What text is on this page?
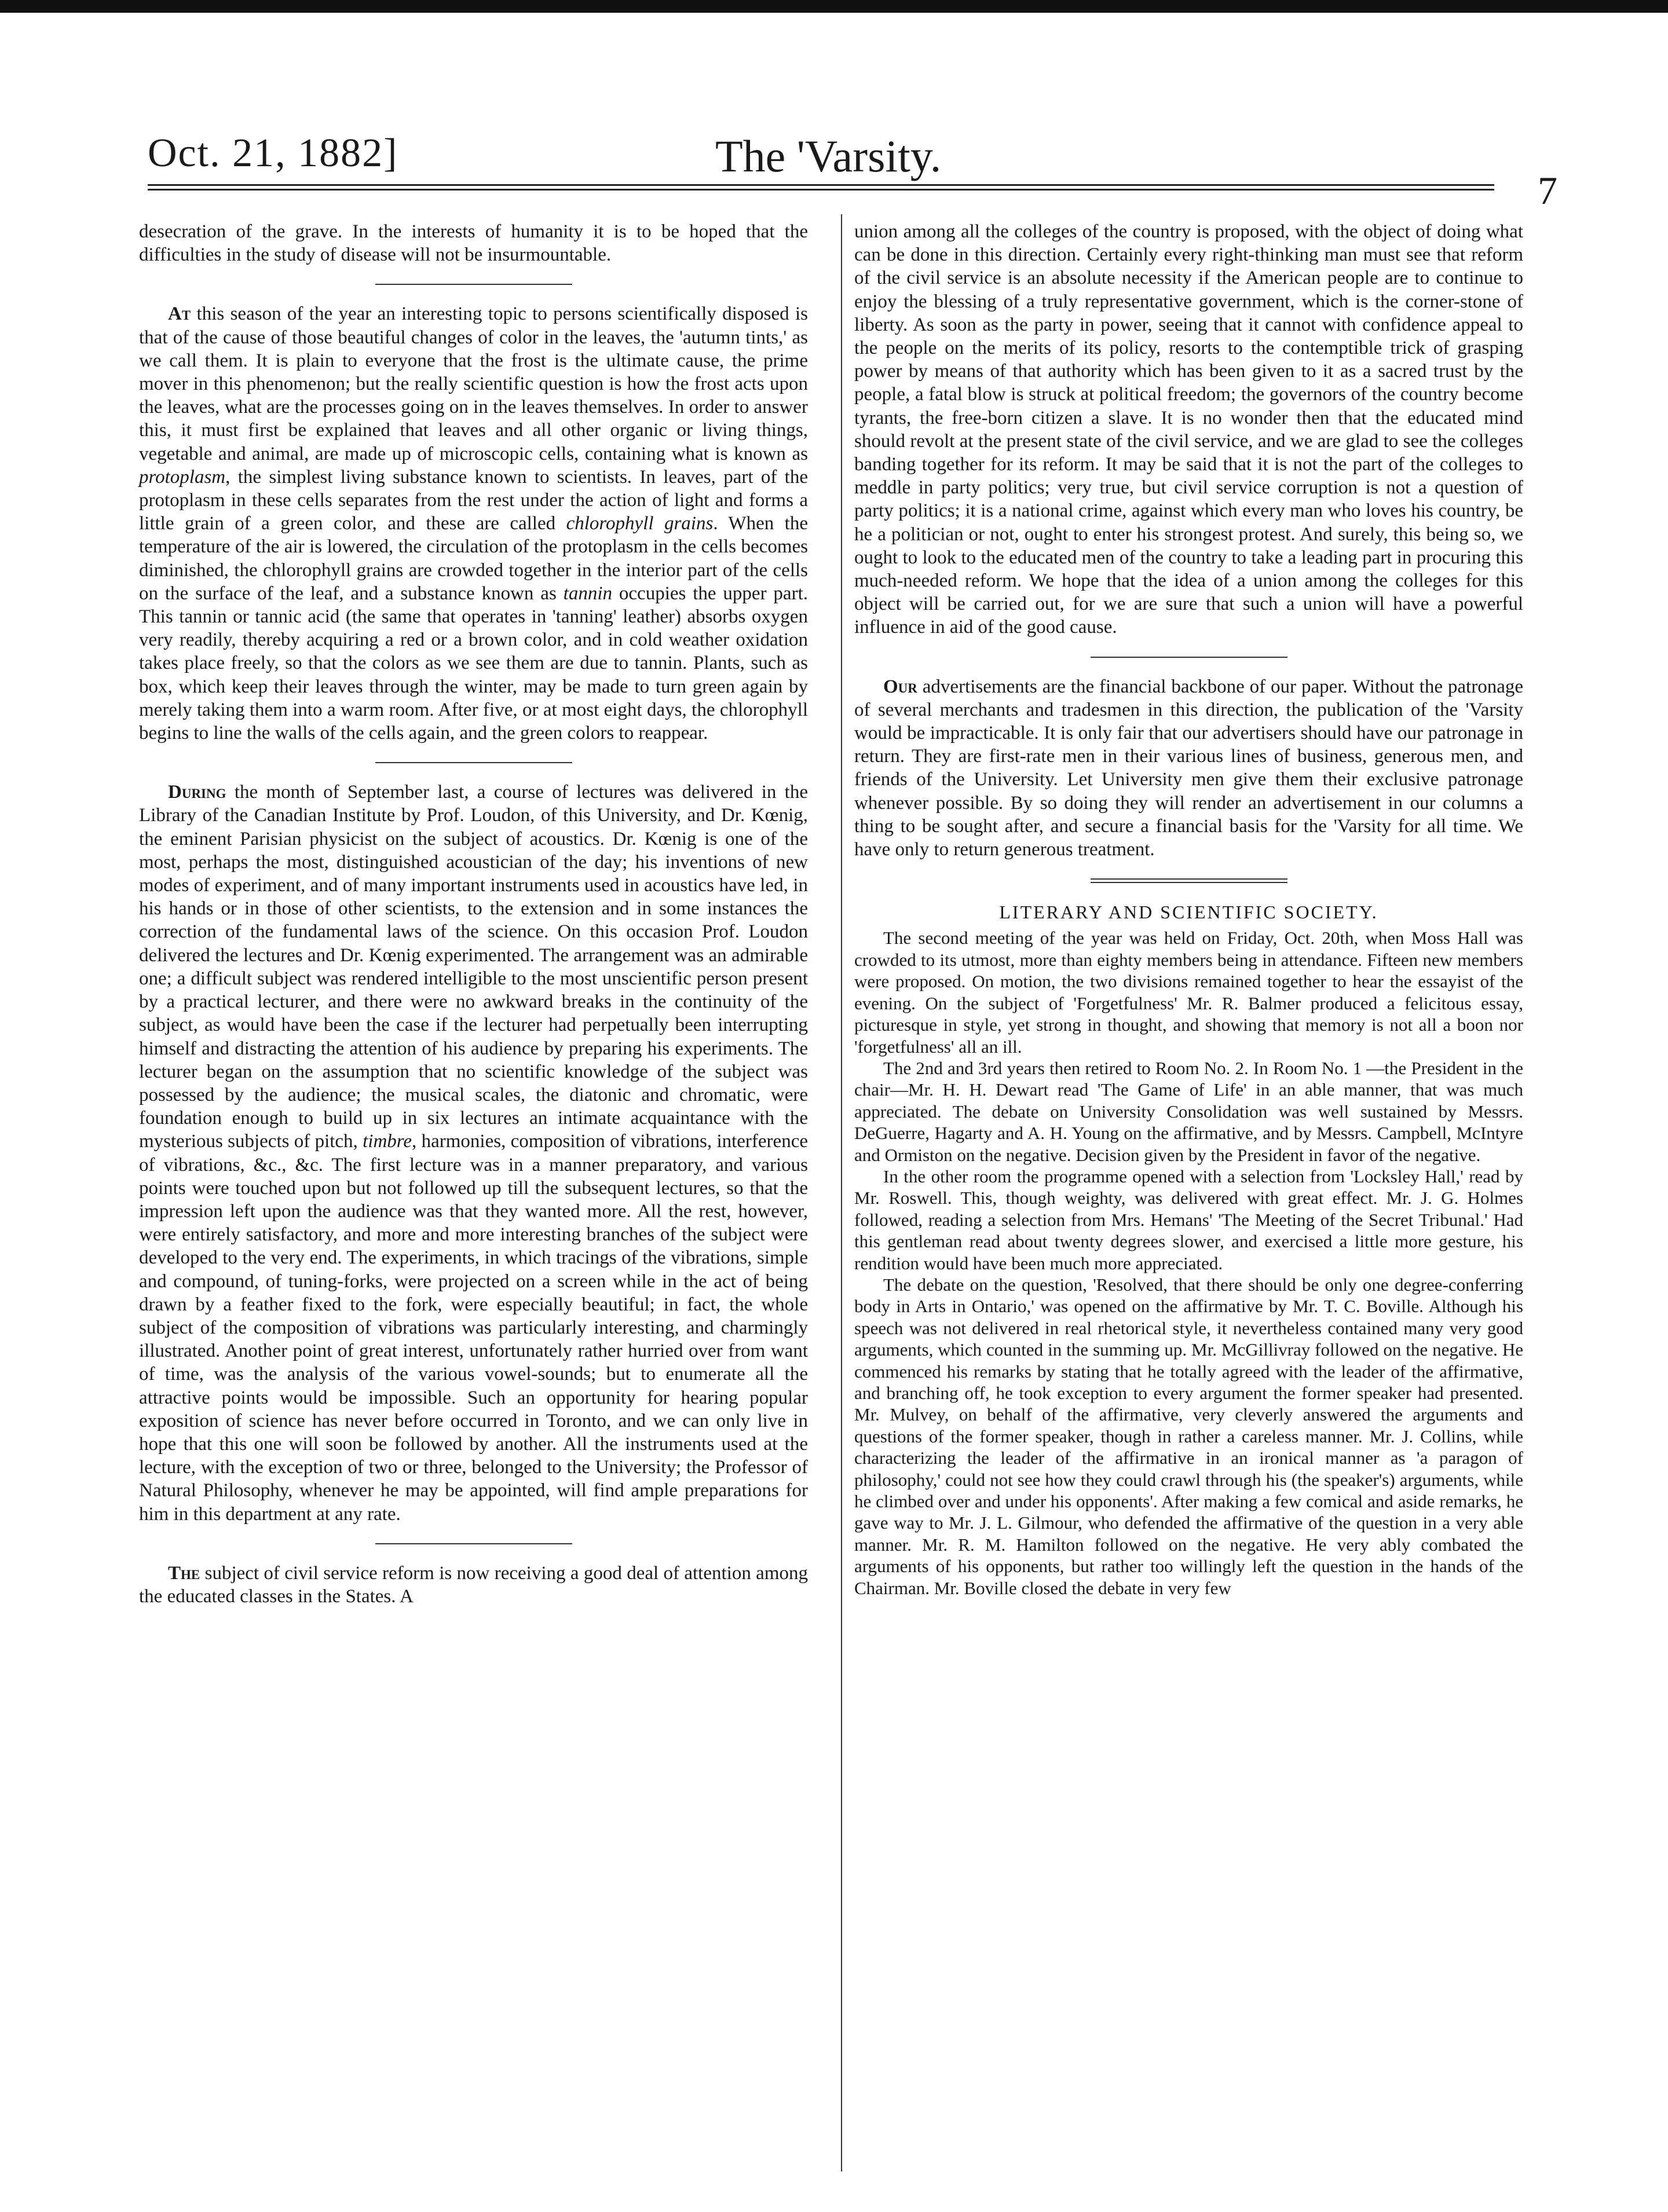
Oct. 21, 1882]	The 'Varsity.
7

desecration of the grave. In the interests of humanity it is to be hoped that the difficulties in the study of disease will not be insurmountable.

At this season of the year an interesting topic to persons scientifically disposed is that of the cause of those beautiful changes of color in the leaves, the 'autumn tints,' as we call them. It is plain to everyone that the frost is the ultimate cause, the prime mover in this phenomenon; but the really scientific question is how the frost acts upon the leaves, what are the processes going on in the leaves themselves. In order to answer this, it must first be explained that leaves and all other organic or living things, vegetable and animal, are made up of microscopic cells, containing what is known as protoplasm, the simplest living substance known to scientists. In leaves, part of the protoplasm in these cells separates from the rest under the action of light and forms a little grain of a green color, and these are called chlorophyll grains. When the temperature of the air is lowered, the circulation of the protoplasm in the cells becomes diminished, the chlorophyll grains are crowded together in the interior part of the cells on the surface of the leaf, and a substance known as tannin occupies the upper part. This tannin or tannic acid (the same that operates in 'tanning' leather) absorbs oxygen very readily, thereby acquiring a red or a brown color, and in cold weather oxidation takes place freely, so that the colors as we see them are due to tannin. Plants, such as box, which keep their leaves through the winter, may be made to turn green again by merely taking them into a warm room. After five, or at most eight days, the chlorophyll begins to line the walls of the cells again, and the green colors to reappear.

During the month of September last, a course of lectures was delivered in the Library of the Canadian Institute by Prof. Loudon, of this University, and Dr. Kœnig, the eminent Parisian physicist on the subject of acoustics. Dr. Kœnig is one of the most, perhaps the most, distinguished acoustician of the day; his inventions of new modes of experiment, and of many important instruments used in acoustics have led, in his hands or in those of other scientists, to the extension and in some instances the correction of the fundamental laws of the science. On this occasion Prof. Loudon delivered the lectures and Dr. Kœnig experimented. The arrangement was an admirable one; a difficult subject was rendered intelligible to the most unscientific person present by a practical lecturer, and there were no awkward breaks in the continuity of the subject, as would have been the case if the lecturer had perpetually been interrupting himself and distracting the attention of his audience by preparing his experiments. The lecturer began on the assumption that no scientific knowledge of the subject was possessed by the audience; the musical scales, the diatonic and chromatic, were foundation enough to build up in six lectures an intimate acquaintance with the mysterious subjects of pitch, timbre, harmonies, composition of vibrations, interference of vibrations, &c., &c. The first lecture was in a manner preparatory, and various points were touched upon but not followed up till the subsequent lectures, so that the impression left upon the audience was that they wanted more. All the rest, however, were entirely satisfactory, and more and more interesting branches of the subject were developed to the very end. The experiments, in which tracings of the vibrations, simple and compound, of tuning-forks, were projected on a screen while in the act of being drawn by a feather fixed to the fork, were especially beautiful; in fact, the whole subject of the composition of vibrations was particularly interesting, and charmingly illustrated. Another point of great interest, unfortunately rather hurried over from want of time, was the analysis of the various vowel-sounds; but to enumerate all the attractive points would be impossible. Such an opportunity for hearing popular exposition of science has never before occurred in Toronto, and we can only live in hope that this one will soon be followed by another. All the instruments used at the lecture, with the exception of two or three, belonged to the University; the Professor of Natural Philosophy, whenever he may be appointed, will find ample preparations for him in this department at any rate.

The subject of civil service reform is now receiving a good deal of attention among the educated classes in the States. A

union among all the colleges of the country is proposed, with the object of doing what can be done in this direction. Certainly every right-thinking man must see that reform of the civil service is an absolute necessity if the American people are to continue to enjoy the blessing of a truly representative government, which is the corner-stone of liberty. As soon as the party in power, seeing that it cannot with confidence appeal to the people on the merits of its policy, resorts to the contemptible trick of grasping power by means of that authority which has been given to it as a sacred trust by the people, a fatal blow is struck at political freedom; the governors of the country become tyrants, the free-born citizen a slave. It is no wonder then that the educated mind should revolt at the present state of the civil service, and we are glad to see the colleges banding together for its reform. It may be said that it is not the part of the colleges to meddle in party politics; very true, but civil service corruption is not a question of party politics; it is a national crime, against which every man who loves his country, be he a politician or not, ought to enter his strongest protest. And surely, this being so, we ought to look to the educated men of the country to take a leading part in procuring this much-needed reform. We hope that the idea of a union among the colleges for this object will be carried out, for we are sure that such a union will have a powerful influence in aid of the good cause.

Our advertisements are the financial backbone of our paper. Without the patronage of several merchants and tradesmen in this direction, the publication of the 'Varsity would be impracticable. It is only fair that our advertisers should have our patronage in return. They are first-rate men in their various lines of business, generous men, and friends of the University. Let University men give them their exclusive patronage whenever possible. By so doing they will render an advertisement in our columns a thing to be sought after, and secure a financial basis for the 'Varsity for all time. We have only to return generous treatment.

LITERARY AND SCIENTIFIC SOCIETY.

The second meeting of the year was held on Friday, Oct. 20th, when Moss Hall was crowded to its utmost, more than eighty members being in attendance. Fifteen new members were proposed. On motion, the two divisions remained together to hear the essayist of the evening. On the subject of 'Forgetfulness' Mr. R. Balmer produced a felicitous essay, picturesque in style, yet strong in thought, and showing that memory is not all a boon nor 'forgetfulness' all an ill.

The 2nd and 3rd years then retired to Room No. 2. In Room No. 1 —the President in the chair—Mr. H. H. Dewart read 'The Game of Life' in an able manner, that was much appreciated. The debate on University Consolidation was well sustained by Messrs. DeGuerre, Hagarty and A. H. Young on the affirmative, and by Messrs. Campbell, McIntyre and Ormiston on the negative. Decision given by the President in favor of the negative.

In the other room the programme opened with a selection from 'Locksley Hall,' read by Mr. Roswell. This, though weighty, was delivered with great effect. Mr. J. G. Holmes followed, reading a selection from Mrs. Hemans' 'The Meeting of the Secret Tribunal.' Had this gentleman read about twenty degrees slower, and exercised a little more gesture, his rendition would have been much more appreciated.

The debate on the question, 'Resolved, that there should be only one degree-conferring body in Arts in Ontario,' was opened on the affirmative by Mr. T. C. Boville. Although his speech was not delivered in real rhetorical style, it nevertheless contained many very good arguments, which counted in the summing up. Mr. McGillivray followed on the negative. He commenced his remarks by stating that he totally agreed with the leader of the affirmative, and branching off, he took exception to every argument the former speaker had presented. Mr. Mulvey, on behalf of the affirmative, very cleverly answered the arguments and questions of the former speaker, though in rather a careless manner. Mr. J. Collins, while characterizing the leader of the affirmative in an ironical manner as 'a paragon of philosophy,' could not see how they could crawl through his (the speaker's) arguments, while he climbed over and under his opponents'. After making a few comical and aside remarks, he gave way to Mr. J. L. Gilmour, who defended the affirmative of the question in a very able manner. Mr. R. M. Hamilton followed on the negative. He very ably combated the arguments of his opponents, but rather too willingly left the question in the hands of the Chairman. Mr. Boville closed the debate in very few
